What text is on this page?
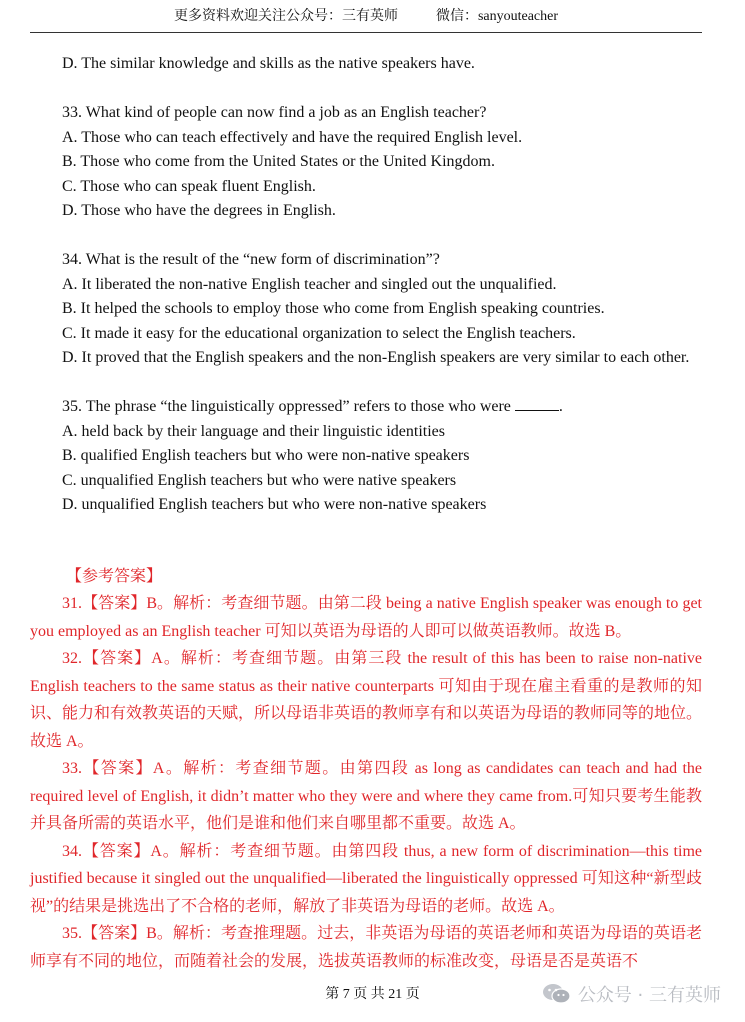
更多资料欢迎关注公众号：三有英师	微信：sanyouteacher
D. The similar knowledge and skills as the native speakers have.
33. What kind of people can now find a job as an English teacher?
A. Those who can teach effectively and have the required English level.
B. Those who come from the United States or the United Kingdom.
C. Those who can speak fluent English.
D. Those who have the degrees in English.
34. What is the result of the “new form of discrimination”?
A. It liberated the non-native English teacher and singled out the unqualified.
B. It helped the schools to employ those who come from English speaking countries.
C. It made it easy for the educational organization to select the English teachers.
D. It proved that the English speakers and the non-English speakers are very similar to each other.
35. The phrase “the linguistically oppressed” refers to those who were	.
A. held back by their language and their linguistic identities
B. qualified English teachers but who were non-native speakers
C. unqualified English teachers but who were native speakers
D. unqualified English teachers but who were non-native speakers
【参考答案】
31.【答案】B。解析：考查细节题。由第二段 being a native English speaker was enough to get you employed as an English teacher 可知以英语为母语的人即可以做英语教师。故选 B。
32.【答案】A。解析：考查细节题。由第三段 the result of this has been to raise non-native English teachers to the same status as their native counterparts 可知由于现在雇主看重的是教师的知识、能力和有效教英语的天赋，所以母语非英语的教师享有和以英语为母语的教师同等的地位。故选 A。
33.【答案】A。解析：考查细节题。由第四段 as long as candidates can teach and had the required level of English, it didn’t matter who they were and where they came from.可知只要考生能教并具备所需的英语水平，他们是谁和他们来自哪里都不重要。故选 A。
34.【答案】A。解析：考查细节题。由第四段 thus, a new form of discrimination—this time justified because it singled out the unqualified—liberated the linguistically oppressed 可知这种“新型歧视”的结果是挑选出了不合格的老师，解放了非英语为母语的老师。故选 A。
35.【答案】B。解析：考查推理题。过去，非英语为母语的英语老师和英语为母语的英语老师享有不同的地位，而随着社会的发展，选拔英语教师的标准改变，母语是否是英语不
第 7 页 共 21 页	公众号 · 三有英师
